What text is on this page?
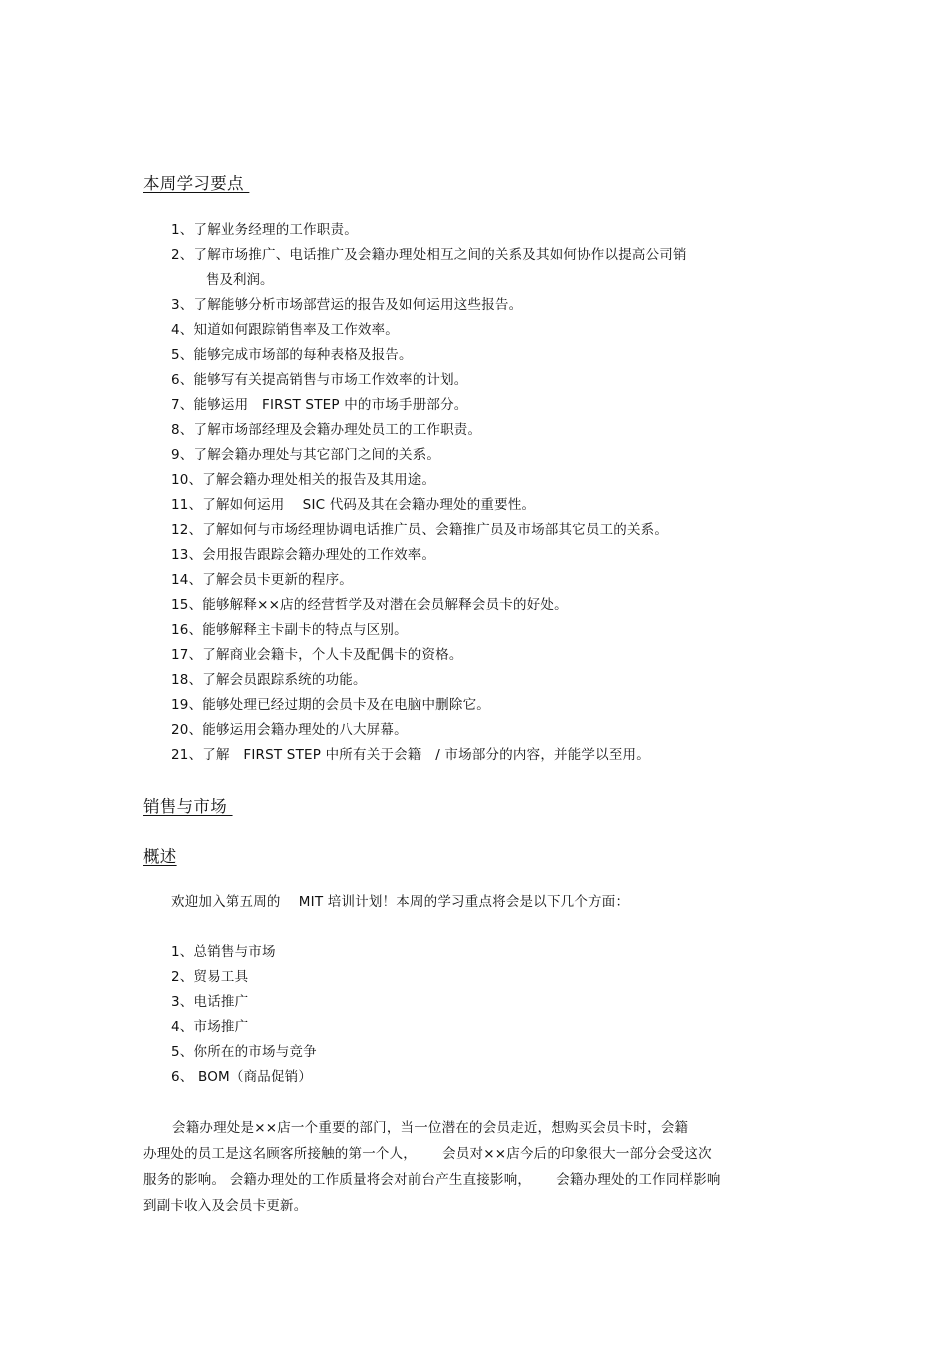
本周学习要点
1、了解业务经理的工作职责。
2、了解市场推广、电话推广及会籍办理处相互之间的关系及其如何协作以提高公司销
售及利润。
3、了解能够分析市场部营运的报告及如何运用这些报告。
4、知道如何跟踪销售率及工作效率。
5、能够完成市场部的每种表格及报告。
6、能够写有关提高销售与市场工作效率的计划。
7、能够运用　FIRST STEP 中的市场手册部分。
8、了解市场部经理及会籍办理处员工的工作职责。
9、了解会籍办理处与其它部门之间的关系。
10、了解会籍办理处相关的报告及其用途。
11、了解如何运用　 SIC 代码及其在会籍办理处的重要性。
12、了解如何与市场经理协调电话推广员、会籍推广员及市场部其它员工的关系。
13、会用报告跟踪会籍办理处的工作效率。
14、了解会员卡更新的程序。
15、能够解释××店的经营哲学及对潜在会员解释会员卡的好处。
16、能够解释主卡副卡的特点与区别。
17、了解商业会籍卡，个人卡及配偶卡的资格。
18、了解会员跟踪系统的功能。
19、能够处理已经过期的会员卡及在电脑中删除它。
20、能够运用会籍办理处的八大屏幕。
21、了解　FIRST STEP 中所有关于会籍　/ 市场部分的内容，并能学以至用。
销售与市场
概述
欢迎加入第五周的　 MIT 培训计划！本周的学习重点将会是以下几个方面：
1、总销售与市场
2、贸易工具
3、电话推广
4、市场推广
5、你所在的市场与竞争
6、 BOM（商品促销）
会籍办理处是××店一个重要的部门，当一位潜在的会员走近，想购买会员卡时，会籍
办理处的员工是这名顾客所接触的第一个人，　　 会员对××店今后的印象很大一部分会受这次
服务的影响。 会籍办理处的工作质量将会对前台产生直接影响，　　 会籍办理处的工作同样影响
到副卡收入及会员卡更新。
